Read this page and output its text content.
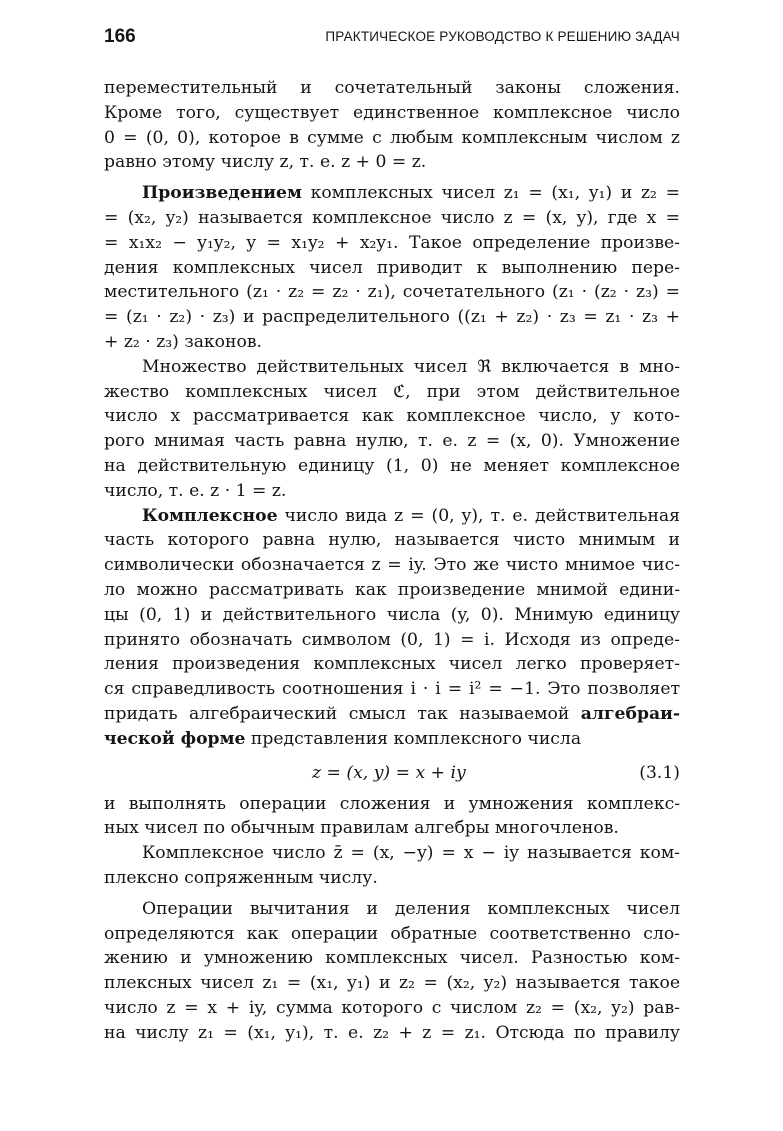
166	ПРАКТИЧЕСКОЕ РУКОВОДСТВО К РЕШЕНИЮ ЗАДАЧ
переместительный и сочетательный законы сложения.
Кроме того, существует единственное комплексное число
0 = (0, 0), которое в сумме с любым комплексным числом z
равно этому числу z, т. е. z + 0 = z.
Произведением комплексных чисел z₁ = (x₁, y₁) и z₂ =
= (x₂, y₂) называется комплексное число z = (x, y), где x =
= x₁x₂ − y₁y₂, y = x₁y₂ + x₂y₁. Такое определение произве-
дения комплексных чисел приводит к выполнению пере-
местительного (z₁ · z₂ = z₂ · z₁), сочетательного (z₁ · (z₂ · z₃) =
= (z₁ · z₂) · z₃) и распределительного ((z₁ + z₂) · z₃ = z₁ · z₃ +
+ z₂ · z₃) законов.
Множество действительных чисел ℜ включается в мно-
жество комплексных чисел ℭ, при этом действительное
число x рассматривается как комплексное число, у кото-
рого мнимая часть равна нулю, т. е. z = (x, 0). Умножение
на действительную единицу (1, 0) не меняет комплексное
число, т. е. z · 1 = z.
Комплексное число вида z = (0, y), т. е. действительная
часть которого равна нулю, называется чисто мнимым и
символически обозначается z = iy. Это же чисто мнимое чис-
ло можно рассматривать как произведение мнимой едини-
цы (0, 1) и действительного числа (y, 0). Мнимую единицу
принято обозначать символом (0, 1) = i. Исходя из опреде-
ления произведения комплексных чисел легко проверяет-
ся справедливость соотношения i · i = i² = −1. Это позволяет
придать алгебраический смысл так называемой алгебраи-
ческой форме представления комплексного числа
z = (x, y) = x + iy	(3.1)
и выполнять операции сложения и умножения комплекс-
ных чисел по обычным правилам алгебры многочленов.
Комплексное число z̄ = (x, −y) = x − iy называется ком-
плексно сопряженным числу.
Операции вычитания и деления комплексных чисел
определяются как операции обратные соответственно сло-
жению и умножению комплексных чисел. Разностью ком-
плексных чисел z₁ = (x₁, y₁) и z₂ = (x₂, y₂) называется такое
число z = x + iy, сумма которого с числом z₂ = (x₂, y₂) рав-
на числу z₁ = (x₁, y₁), т. е. z₂ + z = z₁. Отсюда по правилу
